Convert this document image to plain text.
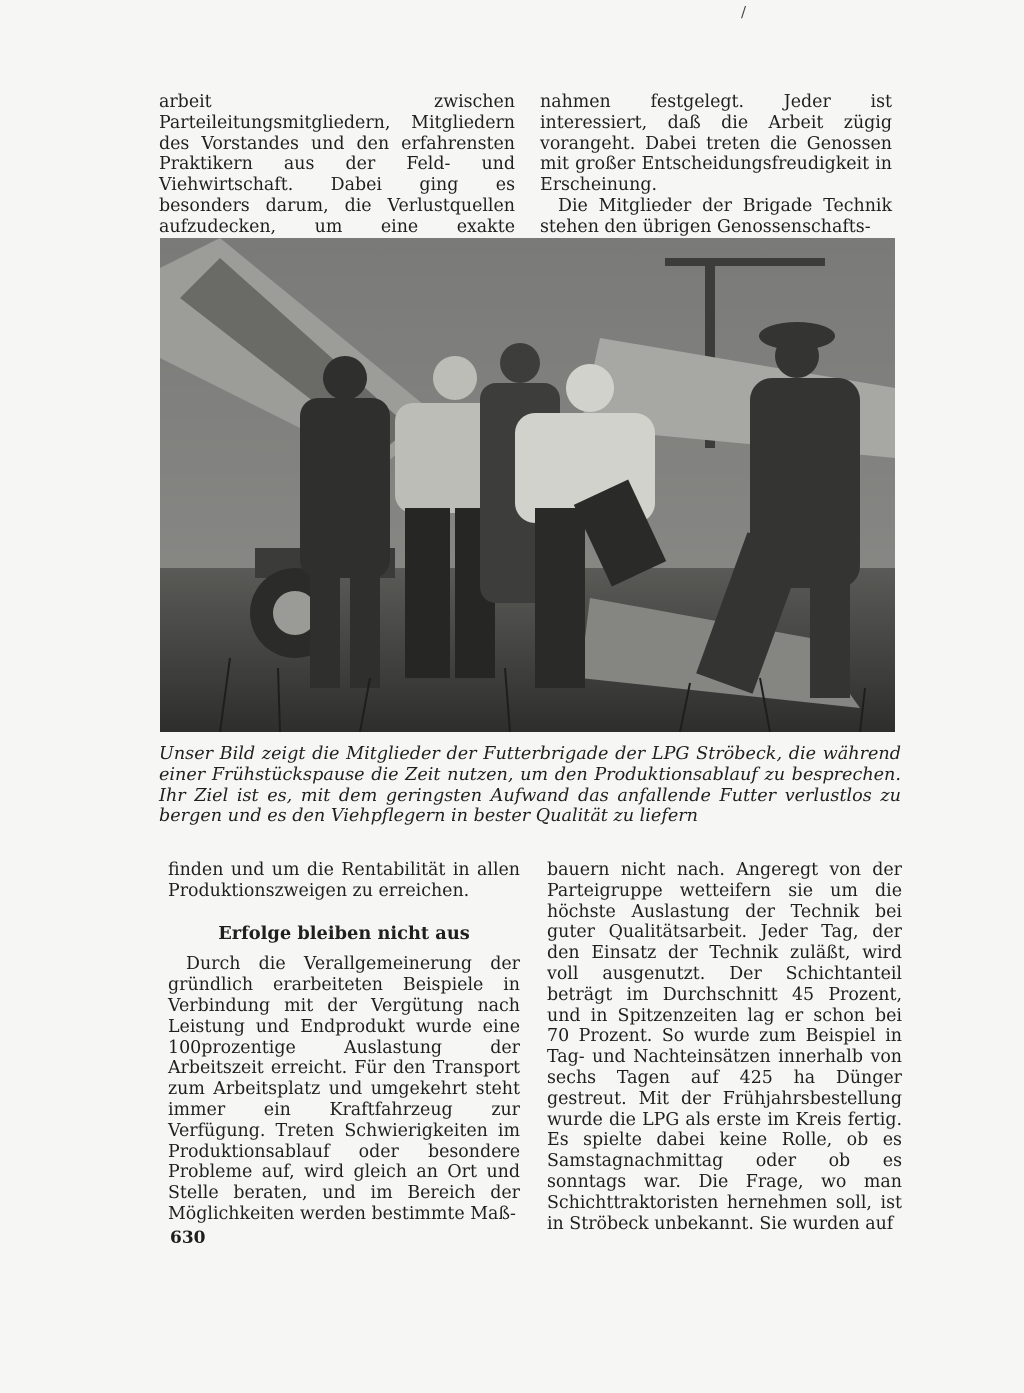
/

arbeit zwischen Parteileitungsmitgliedern, Mitgliedern des Vorstandes und den erfahrensten Praktikern aus der Feld- und Viehwirtschaft. Dabei ging es besonders darum, die Verlustquellen aufzudecken, um eine exakte

nahmen festgelegt. Jeder ist interessiert, daß die Arbeit zügig vorangeht. Dabei treten die Genossen mit großer Entscheidungsfreudigkeit in Erscheinung.

Die Mitglieder der Brigade Technik stehen den übrigen Genossenschafts-

Unser Bild zeigt die Mitglieder der Futterbrigade der LPG Ströbeck, die während einer Frühstückspause die Zeit nutzen, um den Produktionsablauf zu besprechen. Ihr Ziel ist es, mit dem geringsten Aufwand das anfallende Futter verlustlos zu bergen und es den Viehpflegern in bester Qualität zu liefern

finden und um die Rentabilität in allen Produktionszweigen zu erreichen.

Erfolge bleiben nicht aus

Durch die Verallgemeinerung der gründlich erarbeiteten Beispiele in Verbindung mit der Vergütung nach Leistung und Endprodukt wurde eine 100prozentige Auslastung der Arbeitszeit erreicht. Für den Transport zum Arbeitsplatz und umgekehrt steht immer ein Kraftfahrzeug zur Verfügung. Treten Schwierigkeiten im Produktionsablauf oder besondere Probleme auf, wird gleich an Ort und Stelle beraten, und im Bereich der Möglichkeiten werden bestimmte Maß-

bauern nicht nach. Angeregt von der Parteigruppe wetteifern sie um die höchste Auslastung der Technik bei guter Qualitätsarbeit. Jeder Tag, der den Einsatz der Technik zuläßt, wird voll ausgenutzt. Der Schichtanteil beträgt im Durchschnitt 45 Prozent, und in Spitzenzeiten lag er schon bei 70 Prozent. So wurde zum Beispiel in Tag- und Nachteinsätzen innerhalb von sechs Tagen auf 425 ha Dünger gestreut. Mit der Frühjahrsbestellung wurde die LPG als erste im Kreis fertig. Es spielte dabei keine Rolle, ob es Samstagnachmittag oder ob es sonntags war. Die Frage, wo man Schichttraktoristen hernehmen soll, ist in Ströbeck unbekannt. Sie wurden auf

630
